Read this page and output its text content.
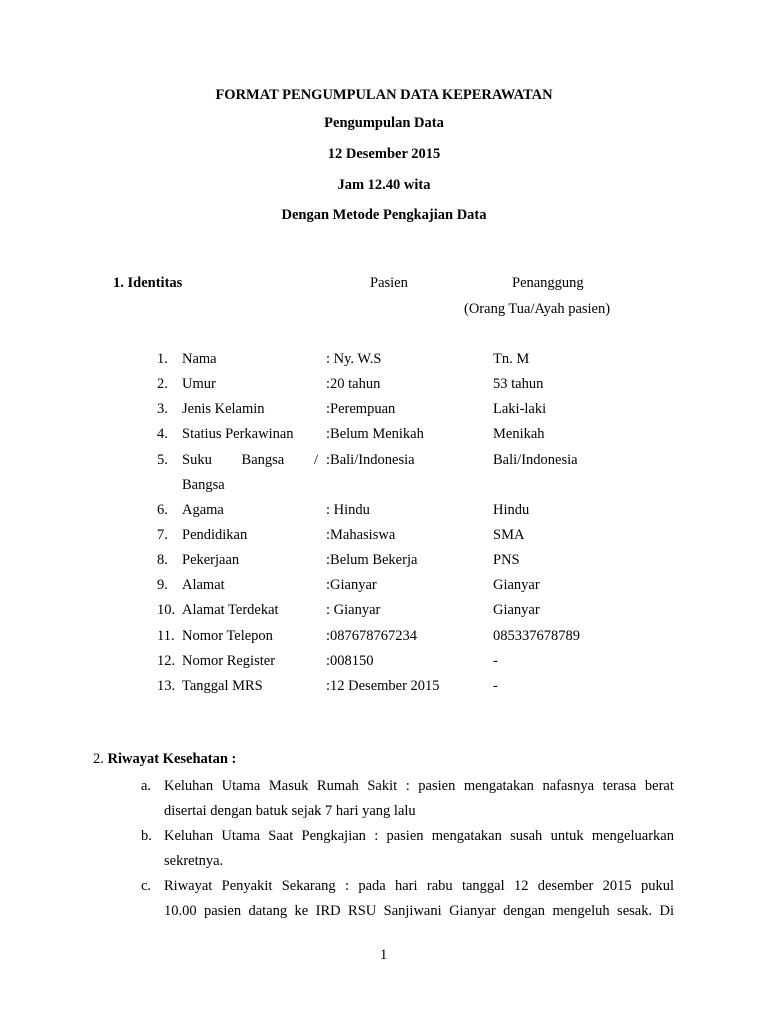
FORMAT PENGUMPULAN DATA KEPERAWATAN
Pengumpulan Data
12 Desember 2015
Jam 12.40 wita
Dengan Metode Pengkajian Data
1. Identitas	Pasien	Penanggung
(Orang Tua/Ayah pasien)
1. Nama	: Ny. W.S	Tn. M
2. Umur	:20 tahun	53 tahun
3. Jenis Kelamin	:Perempuan	Laki-laki
4. Statius Perkawinan :Belum Menikah	Menikah
5. Suku Bangsa /
Bangsa
:Bali/Indonesia	Bali/Indonesia
6. Agama	: Hindu	Hindu
7. Pendidikan	:Mahasiswa	SMA
8. Pekerjaan	:Belum Bekerja	PNS
9. Alamat	:Gianyar	Gianyar
10. Alamat Terdekat	: Gianyar	Gianyar
11. Nomor Telepon	:087678767234	085337678789
12. Nomor Register	:008150	-
13. Tanggal MRS	:12 Desember 2015	-
2. Riwayat Kesehatan :
a. Keluhan Utama Masuk Rumah Sakit : pasien mengatakan nafasnya terasa berat
disertai dengan batuk sejak 7 hari yang lalu
b. Keluhan Utama Saat Pengkajian : pasien mengatakan susah untuk mengeluarkan
sekretnya.
c. Riwayat Penyakit Sekarang : pada hari rabu tanggal 12 desember 2015 pukul
10.00 pasien datang ke IRD RSU Sanjiwani Gianyar dengan mengeluh sesak. Di
1
